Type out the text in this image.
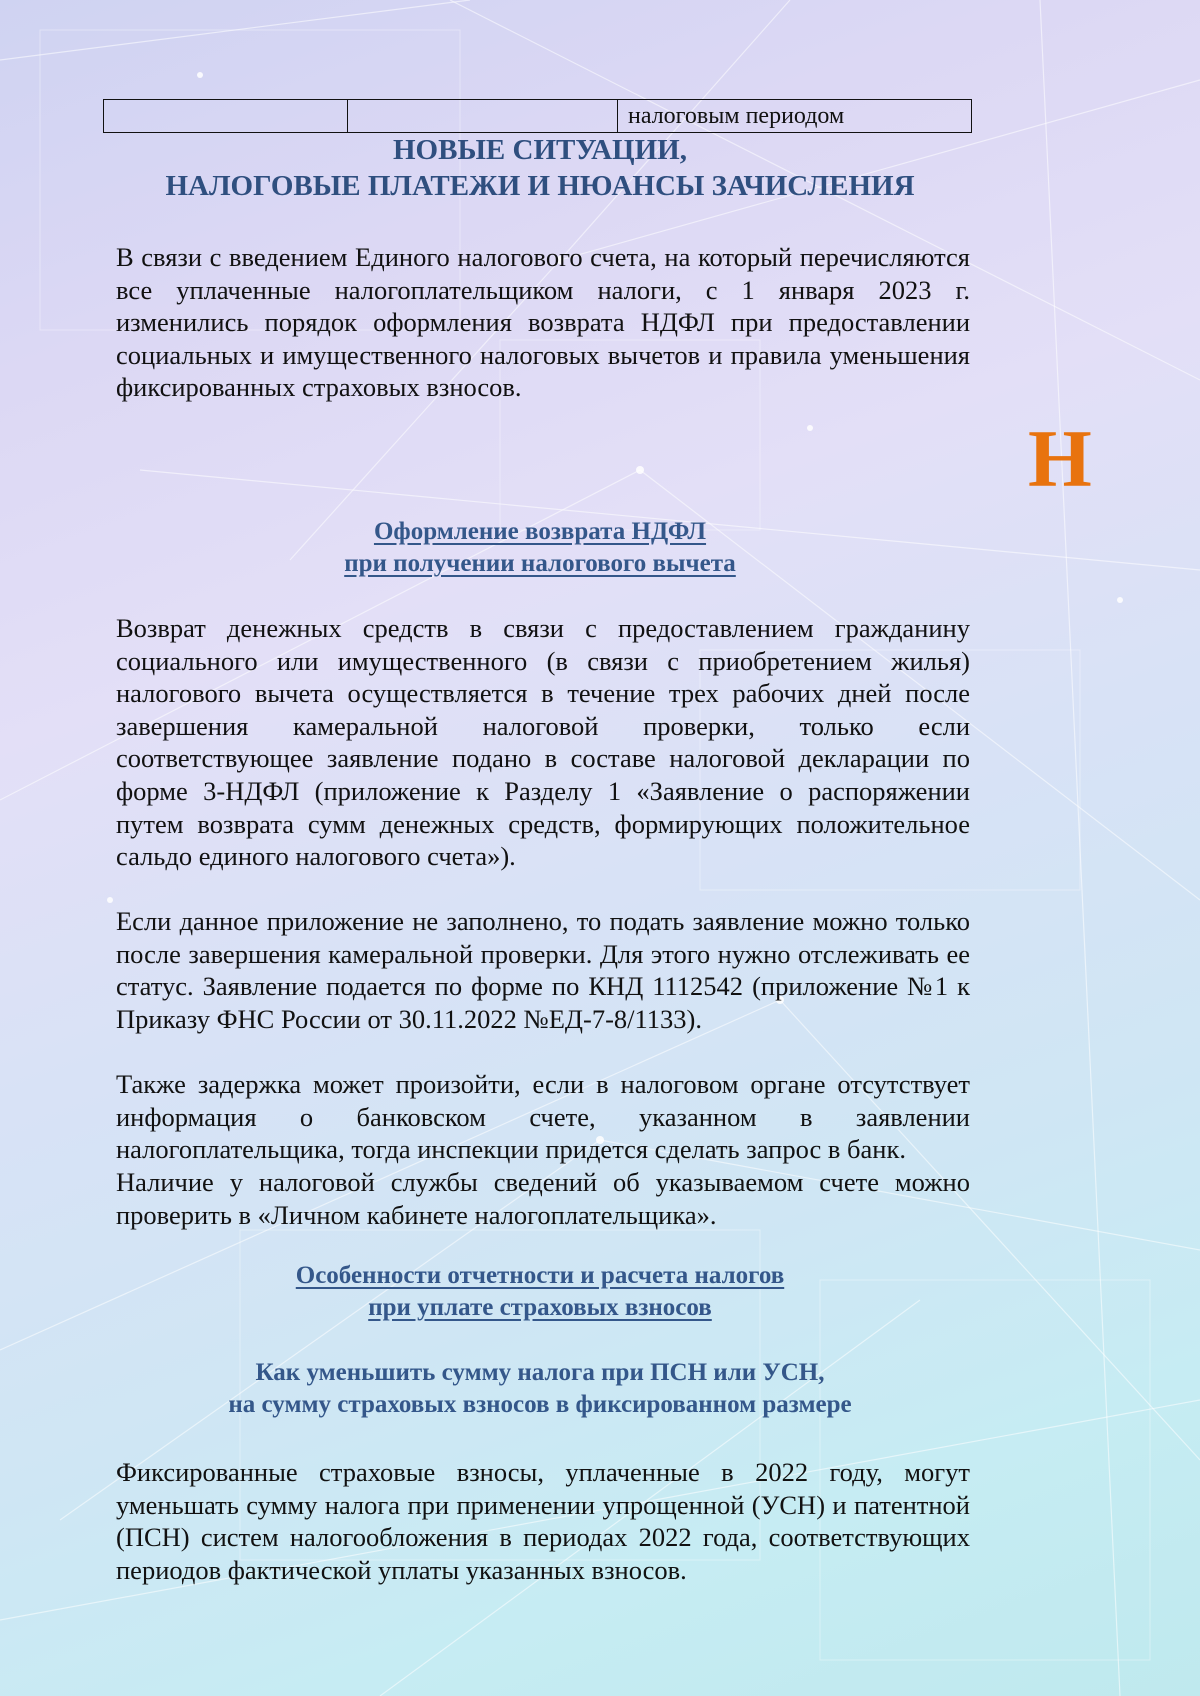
		налоговым периодом
НОВЫЕ СИТУАЦИИ,
НАЛОГОВЫЕ ПЛАТЕЖИ И НЮАНСЫ ЗАЧИСЛЕНИЯ
В связи с введением Единого налогового счета, на который перечисляются все уплаченные налогоплательщиком налоги, с 1 января 2023 г. изменились порядок оформления возврата НДФЛ при предоставлении социальных и имущественного налоговых вычетов и правила уменьшения фиксированных страховых взносов.
Н
Оформление возврата НДФЛ
при получении налогового вычета
Возврат денежных средств в связи с предоставлением гражданину социального или имущественного (в связи с приобретением жилья) налогового вычета осуществляется в течение трех рабочих дней после завершения камеральной налоговой проверки, только если соответствующее заявление подано в составе налоговой декларации по форме 3-НДФЛ (приложение к Разделу 1 «Заявление о распоряжении путем возврата сумм денежных средств, формирующих положительное сальдо единого налогового счета»).
Если данное приложение не заполнено, то подать заявление можно только после завершения камеральной проверки. Для этого нужно отслеживать ее статус. Заявление подается по форме по КНД 1112542 (приложение №1 к Приказу ФНС России от 30.11.2022 №ЕД-7-8/1133).
Также задержка может произойти, если в налоговом органе отсутствует информация о банковском счете, указанном в заявлении налогоплательщика, тогда инспекции придется сделать запрос в банк.
Наличие у налоговой службы сведений об указываемом счете можно проверить в «Личном кабинете налогоплательщика».
Особенности отчетности и расчета налогов
при уплате страховых взносов
Как уменьшить сумму налога при ПСН или УСН,
на сумму страховых взносов в фиксированном размере
Фиксированные страховые взносы, уплаченные в 2022 году, могут уменьшать сумму налога при применении упрощенной (УСН) и патентной (ПСН) систем налогообложения в периодах 2022 года, соответствующих периодов фактической уплаты указанных взносов.
